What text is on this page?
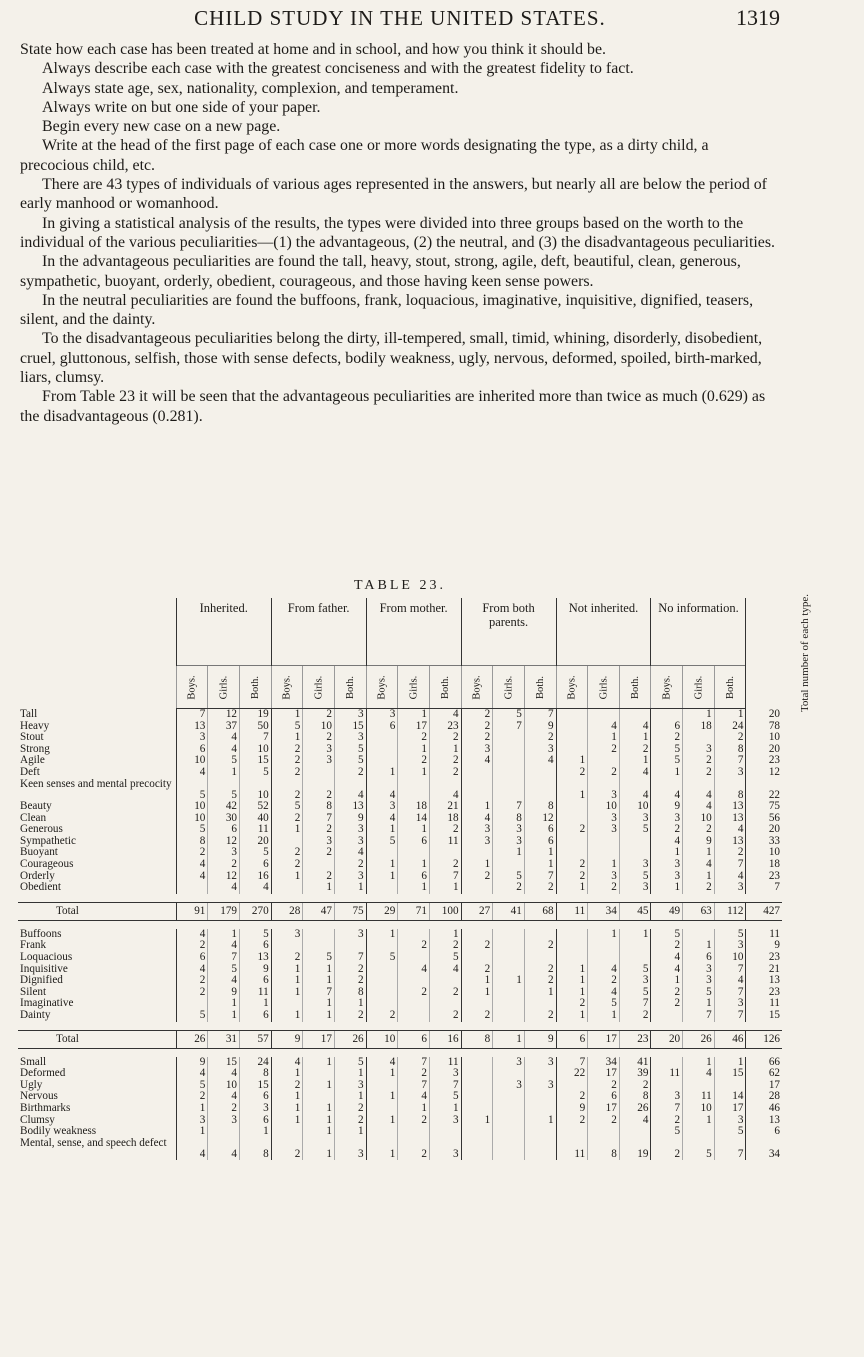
CHILD STUDY IN THE UNITED STATES.	1319

State how each case has been treated at home and in school, and how you think it should be.

Always describe each case with the greatest conciseness and with the greatest fidelity to fact.

Always state age, sex, nationality, complexion, and temperament.

Always write on but one side of your paper.

Begin every new case on a new page.

Write at the head of the first page of each case one or more words designating the type, as a dirty child, a precocious child, etc.

There are 43 types of individuals of various ages represented in the answers, but nearly all are below the period of early manhood or womanhood.

In giving a statistical analysis of the results, the types were divided into three groups based on the worth to the individual of the various peculiarities—(1) the advantageous, (2) the neutral, and (3) the disadvantageous peculiarities.

In the advantageous peculiarities are found the tall, heavy, stout, strong, agile, deft, beautiful, clean, generous, sympathetic, buoyant, orderly, obedient, courageous, and those having keen sense powers.

In the neutral peculiarities are found the buffoons, frank, loquacious, imaginative, inquisitive, dignified, teasers, silent, and the dainty.

To the disadvantageous peculiarities belong the dirty, ill-tempered, small, timid, whining, disorderly, disobedient, cruel, gluttonous, selfish, those with sense defects, bodily weakness, ugly, nervous, deformed, spoiled, birth-marked, liars, clumsy.

From Table 23 it will be seen that the advantageous peculiarities are inherited more than twice as much (0.629) as the disadvantageous (0.281).

TABLE 23.
	Inherited.			From father.			From mother.			From both parents.			Not inherited.			No information.			Total number of each type.
	Boys.	Girls.	Both.	Boys.	Girls.	Both.	Boys.	Girls.	Both.	Boys.	Girls.	Both.	Boys.	Girls.	Both.	Boys.	Girls.	Both.	
Tall	7	12	19	1	2	3	3	1	4	2	5	7					1	1	20
Heavy	13	37	50	5	10	15	6	17	23	2	7	9		4	4	6	18	24	78
Stout	3	4	7	1	2	3		2	2	2		2		1	1	2		2	10
Strong	6	4	10	2	3	5		1	1	3		3		2	2	5	3	8	20
Agile	10	5	15	2	3	5		2	2	4		4	1		1	5	2	7	23
Deft	4	1	5	2		2	1	1	2				2	2	4	1	2	3	12
Keen senses and mental precocity	5	5	10	2	2	4	4		4				1	3	4	4	4	8	22
Beauty	10	42	52	5	8	13	3	18	21	1	7	8		10	10	9	4	13	75
Clean	10	30	40	2	7	9	4	14	18	4	8	12		3	3	3	10	13	56
Generous	5	6	11	1	2	3	1	1	2	3	3	6	2	3	5	2	2	4	20
Sympathetic	8	12	20		3	3	5	6	11	3	3	6				4	9	13	33
Buoyant	2	3	5	2	2	4					1	1				1	1	2	10
Courageous	4	2	6	2		2	1	1	2	1		1	2	1	3	3	4	7	18
Orderly	4	12	16	1	2	3	1	6	7	2	5	7	2	3	5	3	1	4	23
Obedient		4	4		1	1		1	1		2	2	1	2	3	1	2	3	7

Total	91	179	270	28	47	75	29	71	100	27	41	68	11	34	45	49	63	112	427

Buffoons	4	1	5	3		3	1		1					1	1	5		5	11
Frank	2	4	6					2	2	2		2				2	1	3	9
Loquacious	6	7	13	2	5	7	5		5							4	6	10	23
Inquisitive	4	5	9	1	1	2		4	4	2		2	1	4	5	4	3	7	21
Dignified	2	4	6	1	1	2				1	1	2	1	2	3	1	3	4	13
Silent	2	9	11	1	7	8		2	2	1		1	1	4	5	2	5	7	23
Imaginative		1	1		1	1							2	5	7	2	1	3	11
Dainty	5	1	6	1	1	2	2		2	2		2	1	1	2		7	7	15

Total	26	31	57	9	17	26	10	6	16	8	1	9	6	17	23	20	26	46	126

Small	9	15	24	4	1	5	4	7	11		3	3	7	34	41		1	1	66
Deformed	4	4	8	1		1	1	2	3				22	17	39	11	4	15	62
Ugly	5	10	15	2	1	3		7	7		3	3		2	2				17
Nervous	2	4	6	1		1	1	4	5				2	6	8	3	11	14	28
Birthmarks	1	2	3	1	1	2		1	1				9	17	26	7	10	17	46
Clumsy	3	3	6	1	1	2	1	2	3	1		1	2	2	4	2	1	3	13
Bodily weakness	1		1		1	1										5		5	6
Mental, sense, and speech defect	4	4	8	2	1	3	1	2	3				11	8	19	2	5	7	34
